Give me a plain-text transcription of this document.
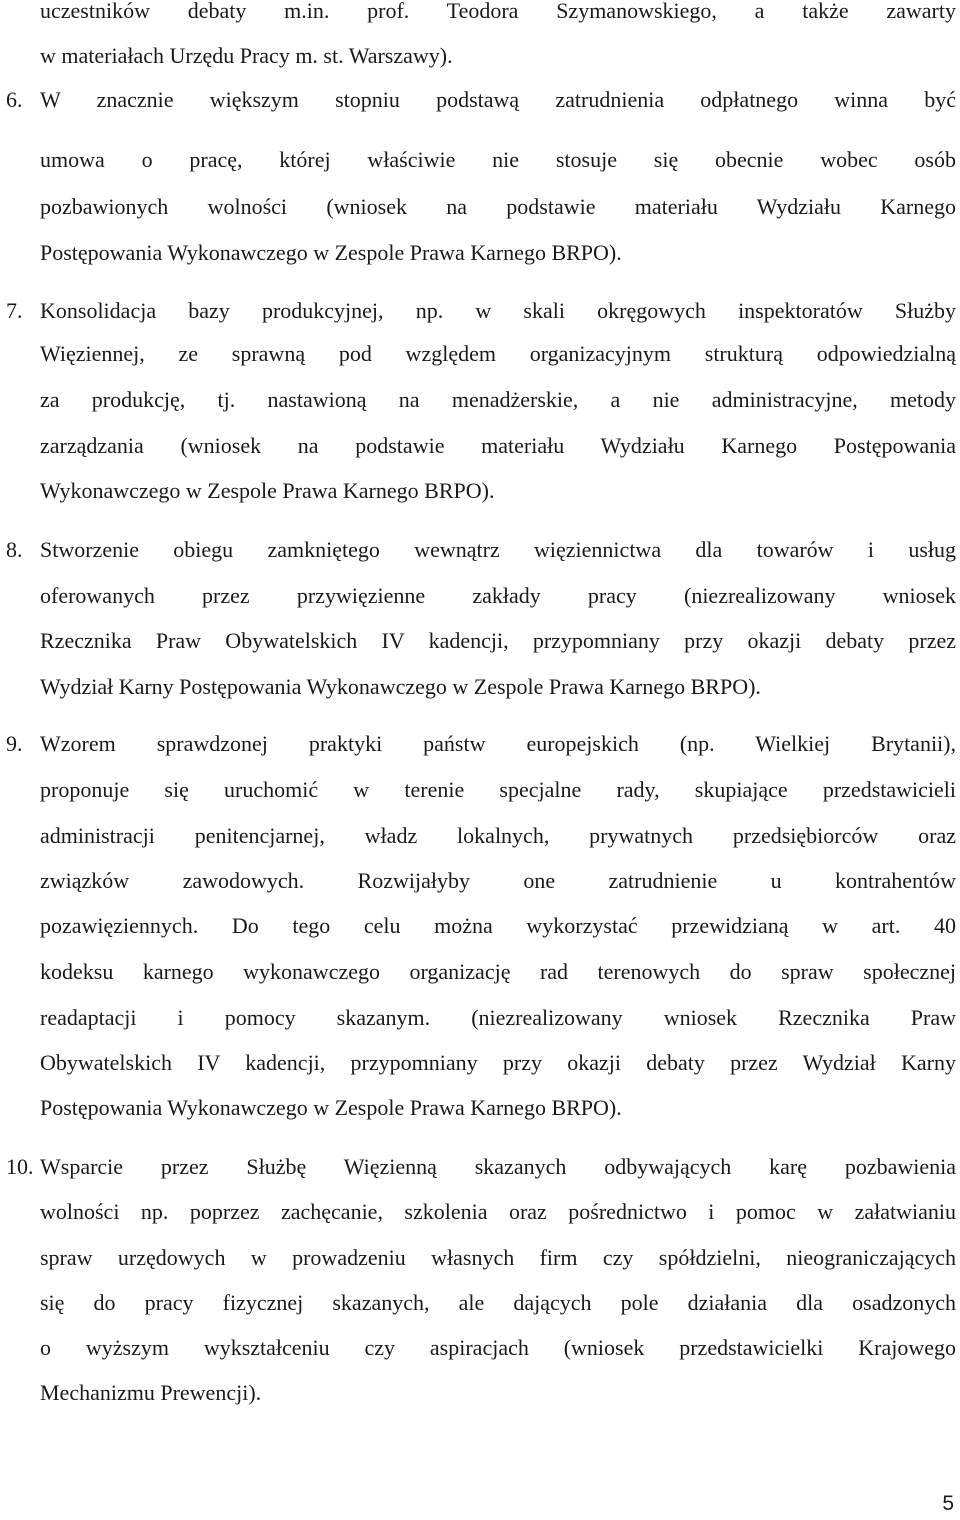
uczestników debaty m.in. prof. Teodora Szymanowskiego, a także zawarty
w materiałach Urzędu Pracy m. st. Warszawy).
6. W znacznie większym stopniu podstawą zatrudnienia odpłatnego winna być
umowa o pracę, której właściwie nie stosuje się obecnie wobec osób
pozbawionych wolności (wniosek na podstawie materiału Wydziału Karnego
Postępowania Wykonawczego w Zespole Prawa Karnego BRPO).
7. Konsolidacja bazy produkcyjnej, np. w skali okręgowych inspektoratów Służby
Więziennej, ze sprawną pod względem organizacyjnym strukturą odpowiedzialną
za produkcję, tj. nastawioną na menadżerskie, a nie administracyjne, metody
zarządzania (wniosek na podstawie materiału Wydziału Karnego Postępowania
Wykonawczego w Zespole Prawa Karnego BRPO).
8. Stworzenie obiegu zamkniętego wewnątrz więziennictwa dla towarów i usług
oferowanych przez przywięzienne zakłady pracy (niezrealizowany wniosek
Rzecznika Praw Obywatelskich IV kadencji, przypomniany przy okazji debaty przez
Wydział Karny Postępowania Wykonawczego w Zespole Prawa Karnego BRPO).
9. Wzorem sprawdzonej praktyki państw europejskich (np. Wielkiej Brytanii),
proponuje się uruchomić w terenie specjalne rady, skupiające przedstawicieli
administracji penitencjarnej, władz lokalnych, prywatnych przedsiębiorców oraz
związków zawodowych. Rozwijałyby one zatrudnienie u kontrahentów
pozawięziennych. Do tego celu można wykorzystać przewidzianą w art. 40
kodeksu karnego wykonawczego organizację rad terenowych do spraw społecznej
readaptacji i pomocy skazanym. (niezrealizowany wniosek Rzecznika Praw
Obywatelskich IV kadencji, przypomniany przy okazji debaty przez Wydział Karny
Postępowania Wykonawczego w Zespole Prawa Karnego BRPO).
10. Wsparcie przez Służbę Więzienną skazanych odbywających karę pozbawienia
wolności np. poprzez zachęcanie, szkolenia oraz pośrednictwo i pomoc w załatwianiu
spraw urzędowych w prowadzeniu własnych firm czy spółdzielni, nieograniczających
się do pracy fizycznej skazanych, ale dających pole działania dla osadzonych
o wyższym wykształceniu czy aspiracjach (wniosek przedstawicielki Krajowego
Mechanizmu Prewencji).
5
